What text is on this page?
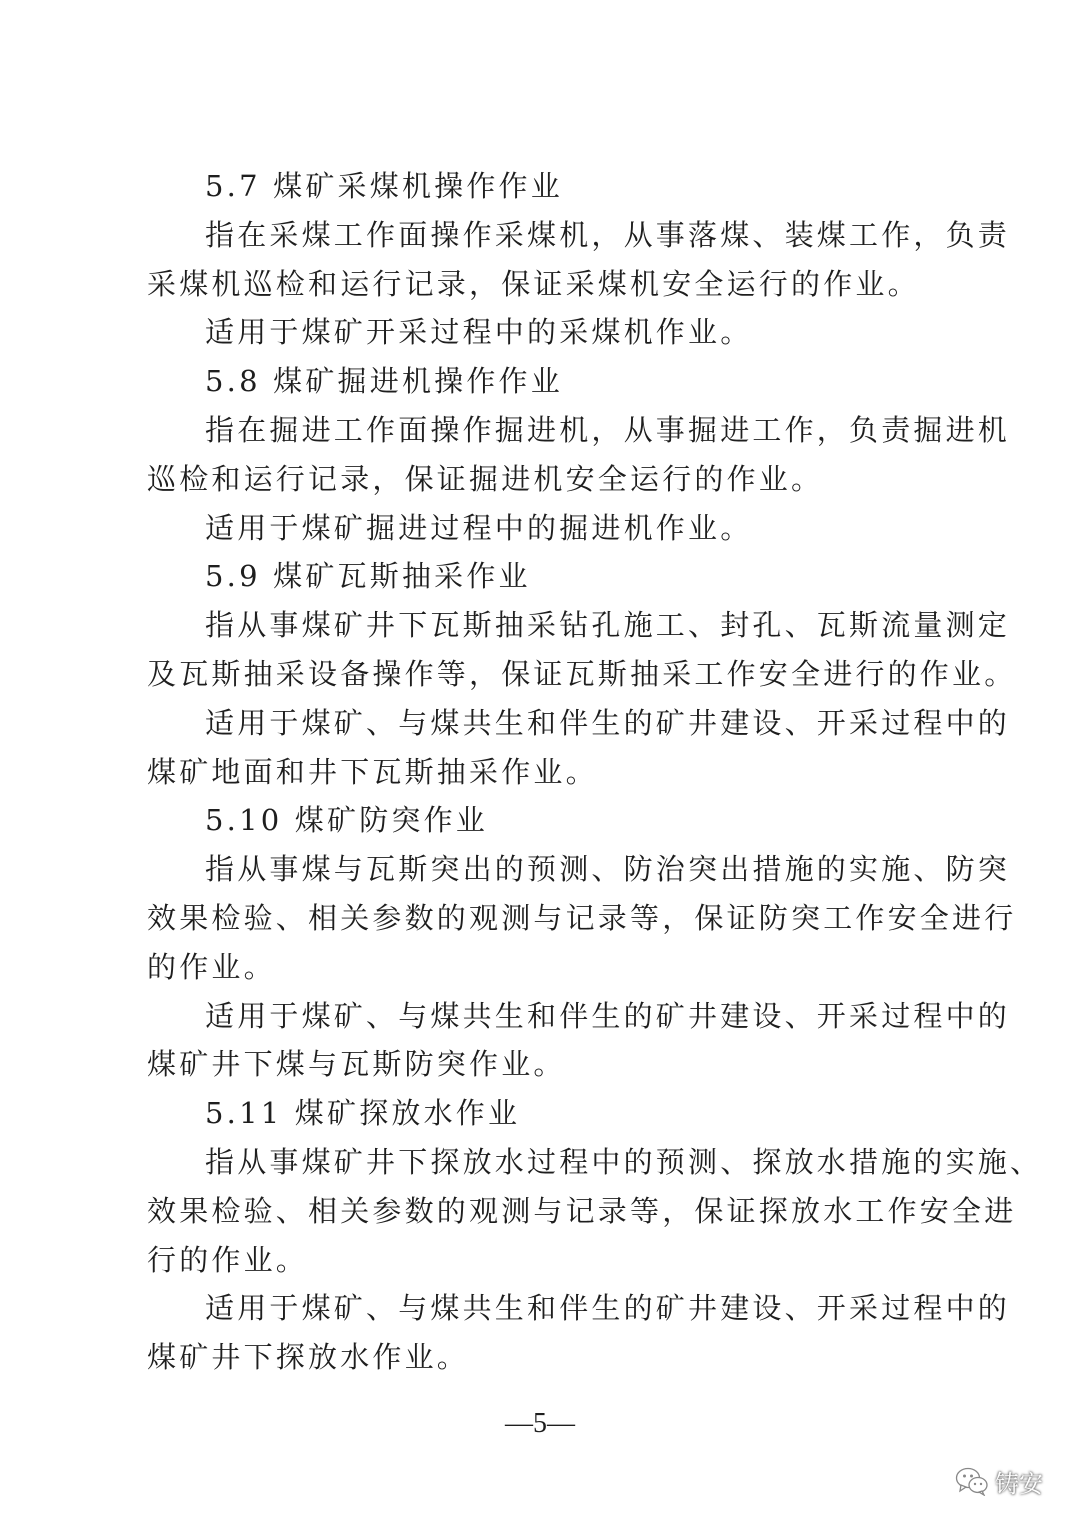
5.7 煤矿采煤机操作作业
指在采煤工作面操作采煤机，从事落煤、装煤工作，负责
采煤机巡检和运行记录，保证采煤机安全运行的作业。
适用于煤矿开采过程中的采煤机作业。
5.8 煤矿掘进机操作作业
指在掘进工作面操作掘进机，从事掘进工作，负责掘进机
巡检和运行记录，保证掘进机安全运行的作业。
适用于煤矿掘进过程中的掘进机作业。
5.9 煤矿瓦斯抽采作业
指从事煤矿井下瓦斯抽采钻孔施工、封孔、瓦斯流量测定
及瓦斯抽采设备操作等，保证瓦斯抽采工作安全进行的作业。
适用于煤矿、与煤共生和伴生的矿井建设、开采过程中的
煤矿地面和井下瓦斯抽采作业。
5.10 煤矿防突作业
指从事煤与瓦斯突出的预测、防治突出措施的实施、防突
效果检验、相关参数的观测与记录等，保证防突工作安全进行
的作业。
适用于煤矿、与煤共生和伴生的矿井建设、开采过程中的
煤矿井下煤与瓦斯防突作业。
5.11 煤矿探放水作业
指从事煤矿井下探放水过程中的预测、探放水措施的实施、
效果检验、相关参数的观测与记录等，保证探放水工作安全进
行的作业。
适用于煤矿、与煤共生和伴生的矿井建设、开采过程中的
煤矿井下探放水作业。
—5—
铸安
